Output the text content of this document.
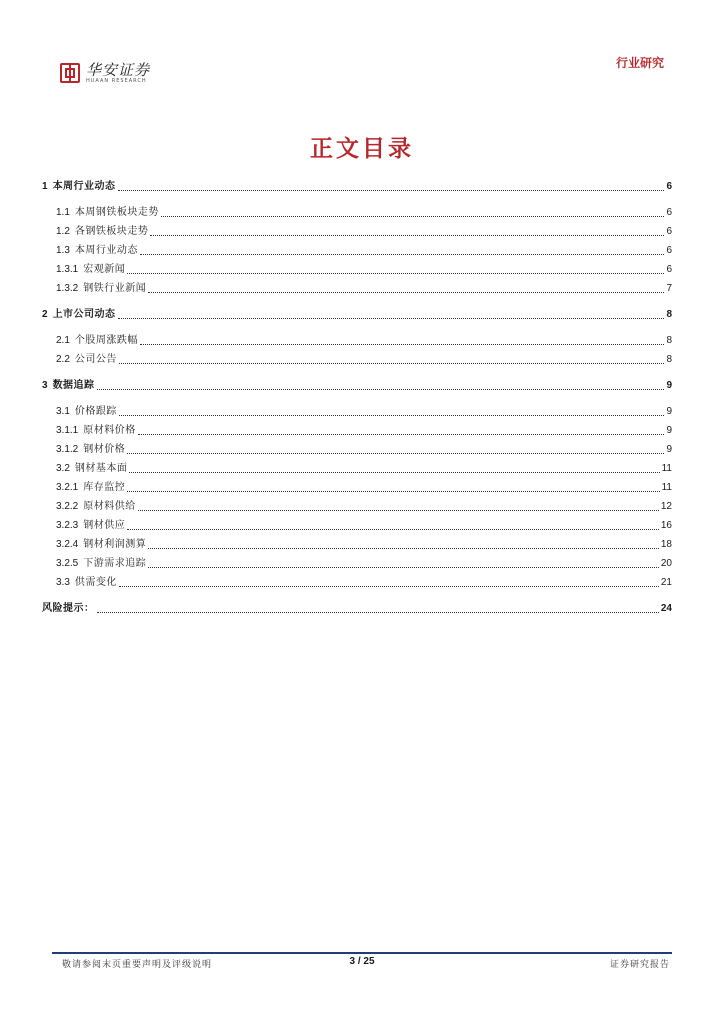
华安证券
HUAAN RESEARCH
行业研究
正文目录
1 本周行业动态	6
1.1 本周钢铁板块走势	6
1.2 各钢铁板块走势	6
1.3 本周行业动态	6
1.3.1 宏观新闻	6
1.3.2 钢铁行业新闻	7
2 上市公司动态	8
2.1 个股周涨跌幅	8
2.2 公司公告	8
3 数据追踪	9
3.1 价格跟踪	9
3.1.1 原材料价格	9
3.1.2 钢材价格	9
3.2 钢材基本面	11
3.2.1 库存监控	11
3.2.2 原材料供给	12
3.2.3 钢材供应	16
3.2.4 钢材利润测算	18
3.2.5 下游需求追踪	20
3.3 供需变化	21
风险提示：	24
敬请参阅末页重要声明及评级说明	3 / 25	证券研究报告
